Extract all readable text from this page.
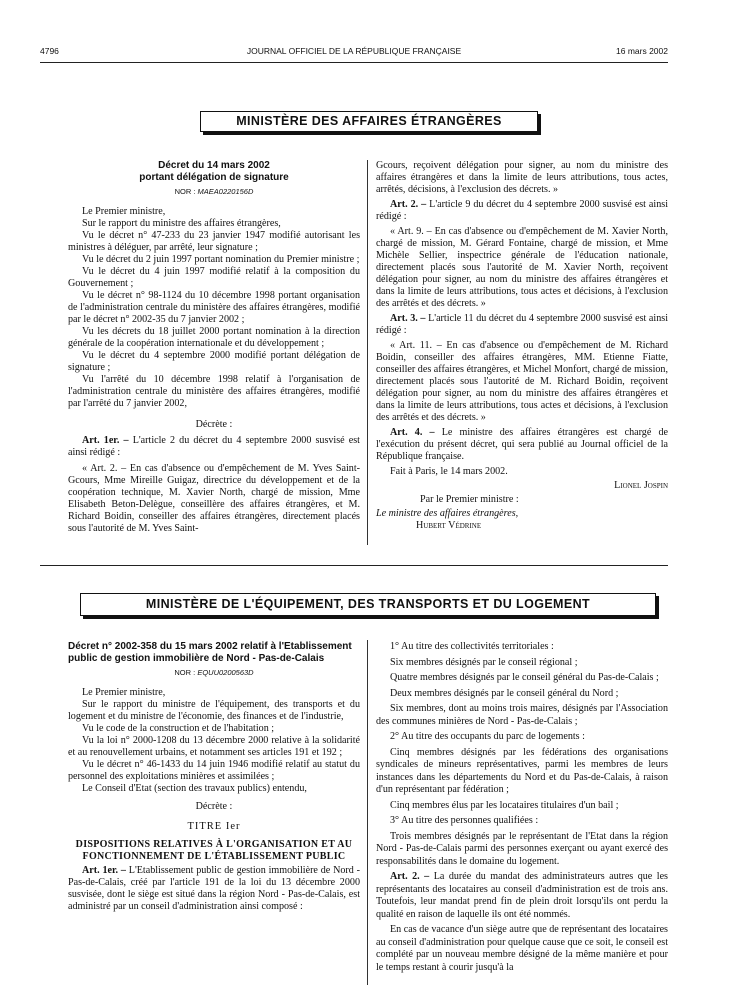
4796	JOURNAL OFFICIEL DE LA RÉPUBLIQUE FRANÇAISE	16 mars 2002
MINISTÈRE DES AFFAIRES ÉTRANGÈRES
Décret du 14 mars 2002
portant délégation de signature
NOR : MAEA0220156D

Le Premier ministre,

Sur le rapport du ministre des affaires étrangères,

Vu le décret n° 47-233 du 23 janvier 1947 modifié autorisant les ministres à déléguer, par arrêté, leur signature ;

Vu le décret du 2 juin 1997 portant nomination du Premier ministre ;

Vu le décret du 4 juin 1997 modifié relatif à la composition du Gouvernement ;

Vu le décret n° 98-1124 du 10 décembre 1998 portant organisation de l'administration centrale du ministère des affaires étrangères, modifié par le décret n° 2002-35 du 7 janvier 2002 ;

Vu les décrets du 18 juillet 2000 portant nomination à la direction générale de la coopération internationale et du développement ;

Vu le décret du 4 septembre 2000 modifié portant délégation de signature ;

Vu l'arrêté du 10 décembre 1998 relatif à l'organisation de l'administration centrale du ministère des affaires étrangères, modifié par l'arrêté du 7 janvier 2002,

Décrète :

Art. 1er. – L'article 2 du décret du 4 septembre 2000 susvisé est ainsi rédigé :

« Art. 2. – En cas d'absence ou d'empêchement de M. Yves Saint-Gcours, Mme Mireille Guigaz, directrice du développement et de la coopération technique, M. Xavier North, chargé de mission, Mme Elisabeth Beton-Delègue, conseillère des affaires étrangères, et M. Richard Boidin, conseiller des affaires étrangères, directement placés sous l'autorité de M. Yves Saint-

Gcours, reçoivent délégation pour signer, au nom du ministre des affaires étrangères et dans la limite de leurs attributions, tous actes, arrêtés, décisions, à l'exclusion des décrets. »

Art. 2. – L'article 9 du décret du 4 septembre 2000 susvisé est ainsi rédigé :

« Art. 9. – En cas d'absence ou d'empêchement de M. Xavier North, chargé de mission, M. Gérard Fontaine, chargé de mission, et Mme Michèle Sellier, inspectrice générale de l'éducation nationale, directement placés sous l'autorité de M. Xavier North, reçoivent délégation pour signer, au nom du ministre des affaires étrangères et dans la limite de leurs attributions, tous actes et décisions, à l'exclusion des arrêtés et des décrets. »

Art. 3. – L'article 11 du décret du 4 septembre 2000 susvisé est ainsi rédigé :

« Art. 11. – En cas d'absence ou d'empêchement de M. Richard Boidin, conseiller des affaires étrangères, MM. Etienne Fiatte, conseiller des affaires étrangères, et Michel Monfort, chargé de mission, directement placés sous l'autorité de M. Richard Boidin, reçoivent délégation pour signer, au nom du ministre des affaires étrangères et dans la limite de leurs attributions, tous actes et décisions, à l'exclusion des arrêtés et des décrets. »

Art. 4. – Le ministre des affaires étrangères est chargé de l'exécution du présent décret, qui sera publié au Journal officiel de la République française.

Fait à Paris, le 14 mars 2002.

Lionel Jospin

Par le Premier ministre :

Le ministre des affaires étrangères,

Hubert Védrine

MINISTÈRE DE L'ÉQUIPEMENT, DES TRANSPORTS ET DU LOGEMENT
Décret n° 2002-358 du 15 mars 2002 relatif à l'Etablissement public de gestion immobilière de Nord - Pas-de-Calais
NOR : EQUU0200563D

Le Premier ministre,

Sur le rapport du ministre de l'équipement, des transports et du logement et du ministre de l'économie, des finances et de l'industrie,

Vu le code de la construction et de l'habitation ;

Vu la loi n° 2000-1208 du 13 décembre 2000 relative à la solidarité et au renouvellement urbains, et notamment ses articles 191 et 192 ;

Vu le décret n° 46-1433 du 14 juin 1946 modifié relatif au statut du personnel des exploitations minières et assimilées ;

Le Conseil d'Etat (section des travaux publics) entendu,

Décrète :

TITRE Ier
DISPOSITIONS RELATIVES À L'ORGANISATION ET AU FONCTIONNEMENT DE L'ÉTABLISSEMENT PUBLIC

Art. 1er. – L'Etablissement public de gestion immobilière de Nord - Pas-de-Calais, créé par l'article 191 de la loi du 13 décembre 2000 susvisée, dont le siège est situé dans la région Nord - Pas-de-Calais, est administré par un conseil d'administration ainsi composé :

1° Au titre des collectivités territoriales :

Six membres désignés par le conseil régional ;

Quatre membres désignés par le conseil général du Pas-de-Calais ;

Deux membres désignés par le conseil général du Nord ;

Six membres, dont au moins trois maires, désignés par l'Association des communes minières de Nord - Pas-de-Calais ;

2° Au titre des occupants du parc de logements :

Cinq membres désignés par les fédérations des organisations syndicales de mineurs représentatives, parmi les membres de leurs instances dans les départements du Nord et du Pas-de-Calais, à raison d'un représentant par fédération ;

Cinq membres élus par les locataires titulaires d'un bail ;

3° Au titre des personnes qualifiées :

Trois membres désignés par le représentant de l'Etat dans la région Nord - Pas-de-Calais parmi des personnes exerçant ou ayant exercé des responsabilités dans le domaine du logement.

Art. 2. – La durée du mandat des administrateurs autres que les représentants des locataires au conseil d'administration est de trois ans. Toutefois, leur mandat prend fin de plein droit lorsqu'ils ont perdu la qualité en raison de laquelle ils ont été nommés.

En cas de vacance d'un siège autre que de représentant des locataires au conseil d'administration pour quelque cause que ce soit, le conseil est complété par un nouveau membre désigné de la même manière et pour le temps restant à courir jusqu'à la
